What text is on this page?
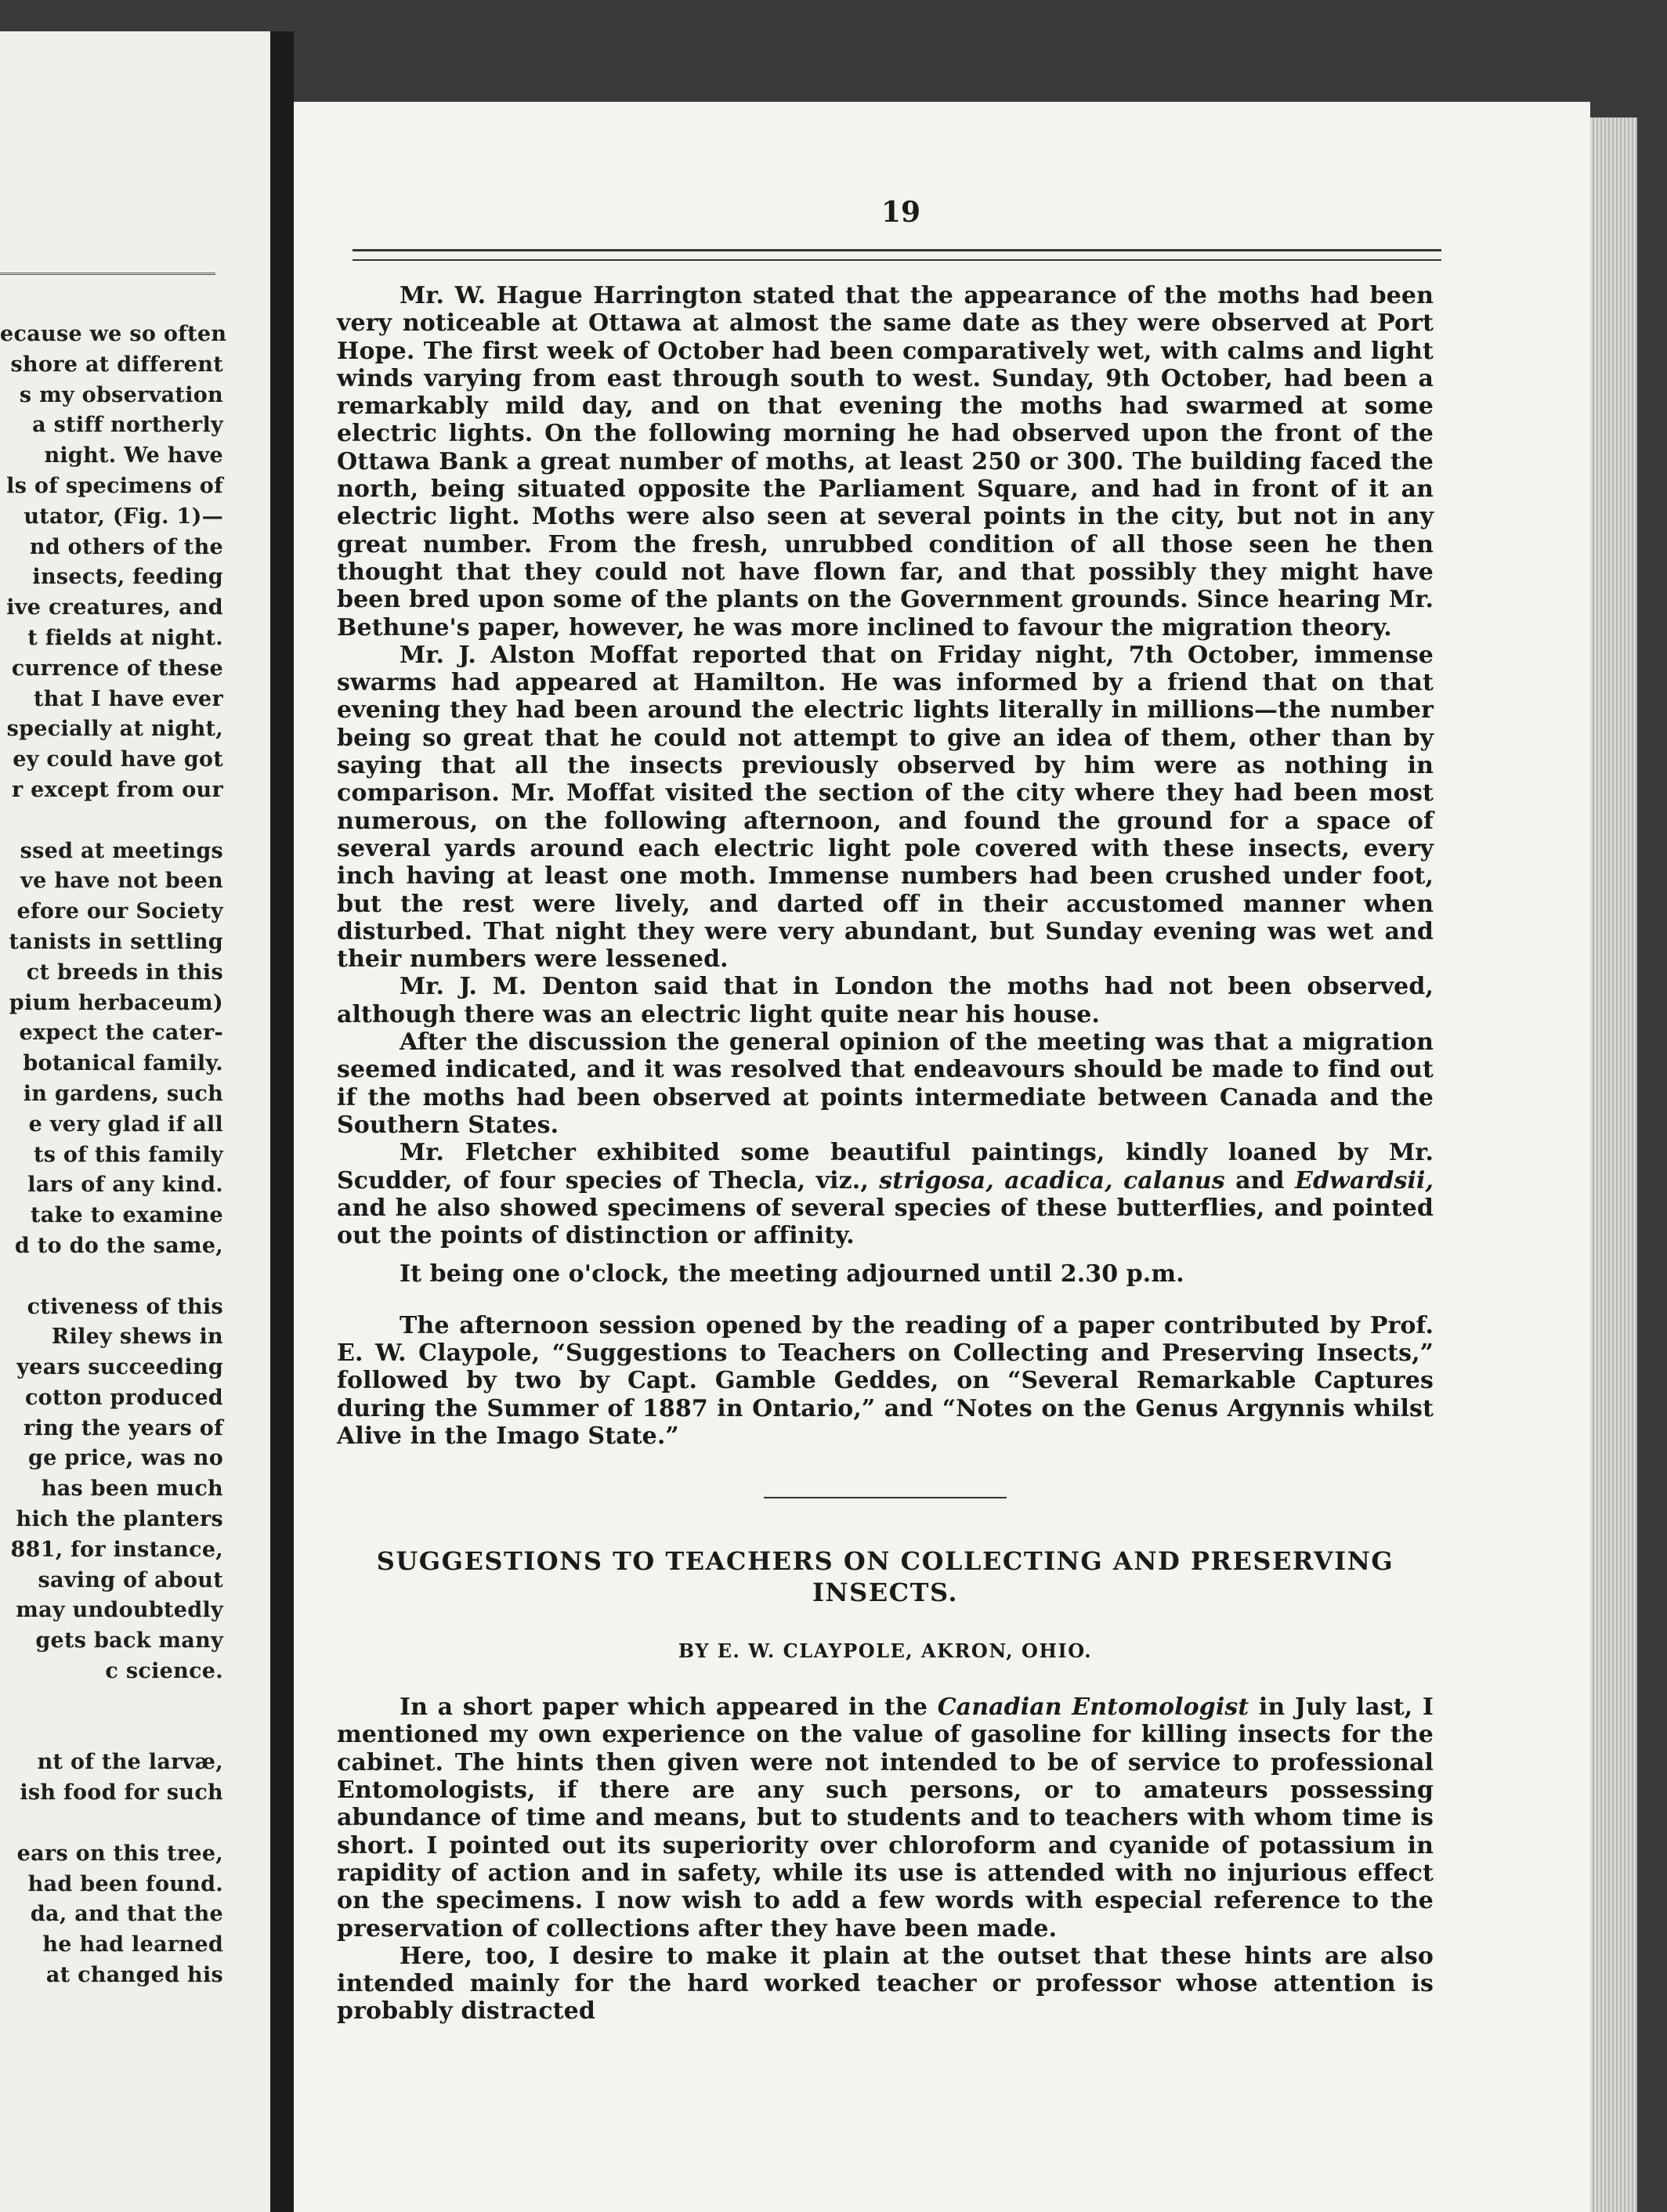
ecause we so often
shore at different
s my observation
a stiff northerly
night. We have
ls of specimens of
utator, (Fig. 1)—
nd others of the
insects, feeding
ive creatures, and
t fields at night.
currence of these
that I have ever
specially at night,
ey could have got
r except from our
ssed at meetings
ve have not been
efore our Society
tanists in settling
ct breeds in this
pium herbaceum)
expect the cater-
botanical family.
in gardens, such
e very glad if all
ts of this family
lars of any kind.
take to examine
d to do the same,
ctiveness of this
Riley shews in
years succeeding
cotton produced
ring the years of
ge price, was no
has been much
hich the planters
881, for instance,
saving of about
may undoubtedly
gets back many
c science.
nt of the larvæ,
ish food for such
ears on this tree,
had been found.
da, and that the
he had learned
at changed his
19

Mr. W. Hague Harrington stated that the appearance of the moths had been very noticeable at Ottawa at almost the same date as they were observed at Port Hope. The first week of October had been comparatively wet, with calms and light winds varying from east through south to west. Sunday, 9th October, had been a remarkably mild day, and on that evening the moths had swarmed at some electric lights. On the following morning he had observed upon the front of the Ottawa Bank a great number of moths, at least 250 or 300. The building faced the north, being situated opposite the Parliament Square, and had in front of it an electric light. Moths were also seen at several points in the city, but not in any great number. From the fresh, unrubbed condition of all those seen he then thought that they could not have flown far, and that possibly they might have been bred upon some of the plants on the Government grounds. Since hearing Mr. Bethune's paper, however, he was more inclined to favour the migration theory.

Mr. J. Alston Moffat reported that on Friday night, 7th October, immense swarms had appeared at Hamilton. He was informed by a friend that on that evening they had been around the electric lights literally in millions—the number being so great that he could not attempt to give an idea of them, other than by saying that all the insects previously observed by him were as nothing in comparison. Mr. Moffat visited the section of the city where they had been most numerous, on the following afternoon, and found the ground for a space of several yards around each electric light pole covered with these insects, every inch having at least one moth. Immense numbers had been crushed under foot, but the rest were lively, and darted off in their accustomed manner when disturbed. That night they were very abundant, but Sunday evening was wet and their numbers were lessened.

Mr. J. M. Denton said that in London the moths had not been observed, although there was an electric light quite near his house.

After the discussion the general opinion of the meeting was that a migration seemed indicated, and it was resolved that endeavours should be made to find out if the moths had been observed at points intermediate between Canada and the Southern States.

Mr. Fletcher exhibited some beautiful paintings, kindly loaned by Mr. Scudder, of four species of Thecla, viz., strigosa, acadica, calanus and Edwardsii, and he also showed specimens of several species of these butterflies, and pointed out the points of distinction or affinity.

It being one o'clock, the meeting adjourned until 2.30 p.m.

The afternoon session opened by the reading of a paper contributed by Prof. E. W. Claypole, “Suggestions to Teachers on Collecting and Preserving Insects,” followed by two by Capt. Gamble Geddes, on “Several Remarkable Captures during the Summer of 1887 in Ontario,” and “Notes on the Genus Argynnis whilst Alive in the Imago State.”

SUGGESTIONS TO TEACHERS ON COLLECTING AND PRESERVING INSECTS.
BY E. W. CLAYPOLE, AKRON, OHIO.

In a short paper which appeared in the Canadian Entomologist in July last, I mentioned my own experience on the value of gasoline for killing insects for the cabinet. The hints then given were not intended to be of service to professional Entomologists, if there are any such persons, or to amateurs possessing abundance of time and means, but to students and to teachers with whom time is short. I pointed out its superiority over chloroform and cyanide of potassium in rapidity of action and in safety, while its use is attended with no injurious effect on the specimens. I now wish to add a few words with especial reference to the preservation of collections after they have been made.

Here, too, I desire to make it plain at the outset that these hints are also intended mainly for the hard worked teacher or professor whose attention is probably distracted
